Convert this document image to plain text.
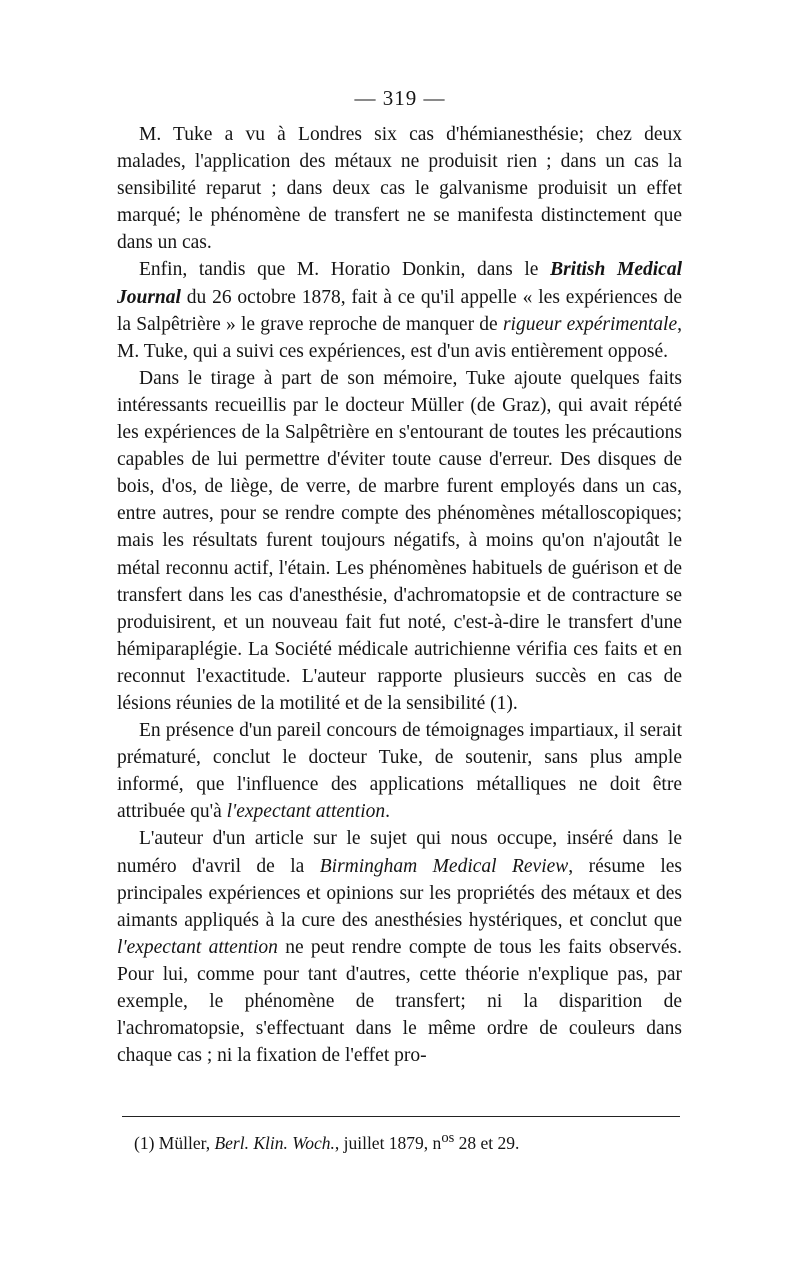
— 319 —

M. Tuke a vu à Londres six cas d'hémianesthésie; chez deux malades, l'application des métaux ne produisit rien ; dans un cas la sensibilité reparut ; dans deux cas le galvanisme produisit un effet marqué; le phénomène de transfert ne se manifesta distinctement que dans un cas.

Enfin, tandis que M. Horatio Donkin, dans le British Medical Journal du 26 octobre 1878, fait à ce qu'il appelle « les expériences de la Salpêtrière » le grave reproche de manquer de rigueur expérimentale, M. Tuke, qui a suivi ces expériences, est d'un avis entièrement opposé.

Dans le tirage à part de son mémoire, Tuke ajoute quelques faits intéressants recueillis par le docteur Müller (de Graz), qui avait répété les expériences de la Salpêtrière en s'entourant de toutes les précautions capables de lui permettre d'éviter toute cause d'erreur. Des disques de bois, d'os, de liège, de verre, de marbre furent employés dans un cas, entre autres, pour se rendre compte des phénomènes métalloscopiques; mais les résultats furent toujours négatifs, à moins qu'on n'ajoutât le métal reconnu actif, l'étain. Les phénomènes habituels de guérison et de transfert dans les cas d'anesthésie, d'achromatopsie et de contracture se produisirent, et un nouveau fait fut noté, c'est-à-dire le transfert d'une hémiparaplégie. La Société médicale autrichienne vérifia ces faits et en reconnut l'exactitude. L'auteur rapporte plusieurs succès en cas de lésions réunies de la motilité et de la sensibilité (1).

En présence d'un pareil concours de témoignages impartiaux, il serait prématuré, conclut le docteur Tuke, de soutenir, sans plus ample informé, que l'influence des applications métalliques ne doit être attribuée qu'à l'expectant attention.

L'auteur d'un article sur le sujet qui nous occupe, inséré dans le numéro d'avril de la Birmingham Medical Review, résume les principales expériences et opinions sur les propriétés des métaux et des aimants appliqués à la cure des anesthésies hystériques, et conclut que l'expectant attention ne peut rendre compte de tous les faits observés. Pour lui, comme pour tant d'autres, cette théorie n'explique pas, par exemple, le phénomène de transfert; ni la disparition de l'achromatopsie, s'effectuant dans le même ordre de couleurs dans chaque cas ; ni la fixation de l'effet pro-

(1) Müller, Berl. Klin. Woch., juillet 1879, $n^{os}$ 28 et 29.
